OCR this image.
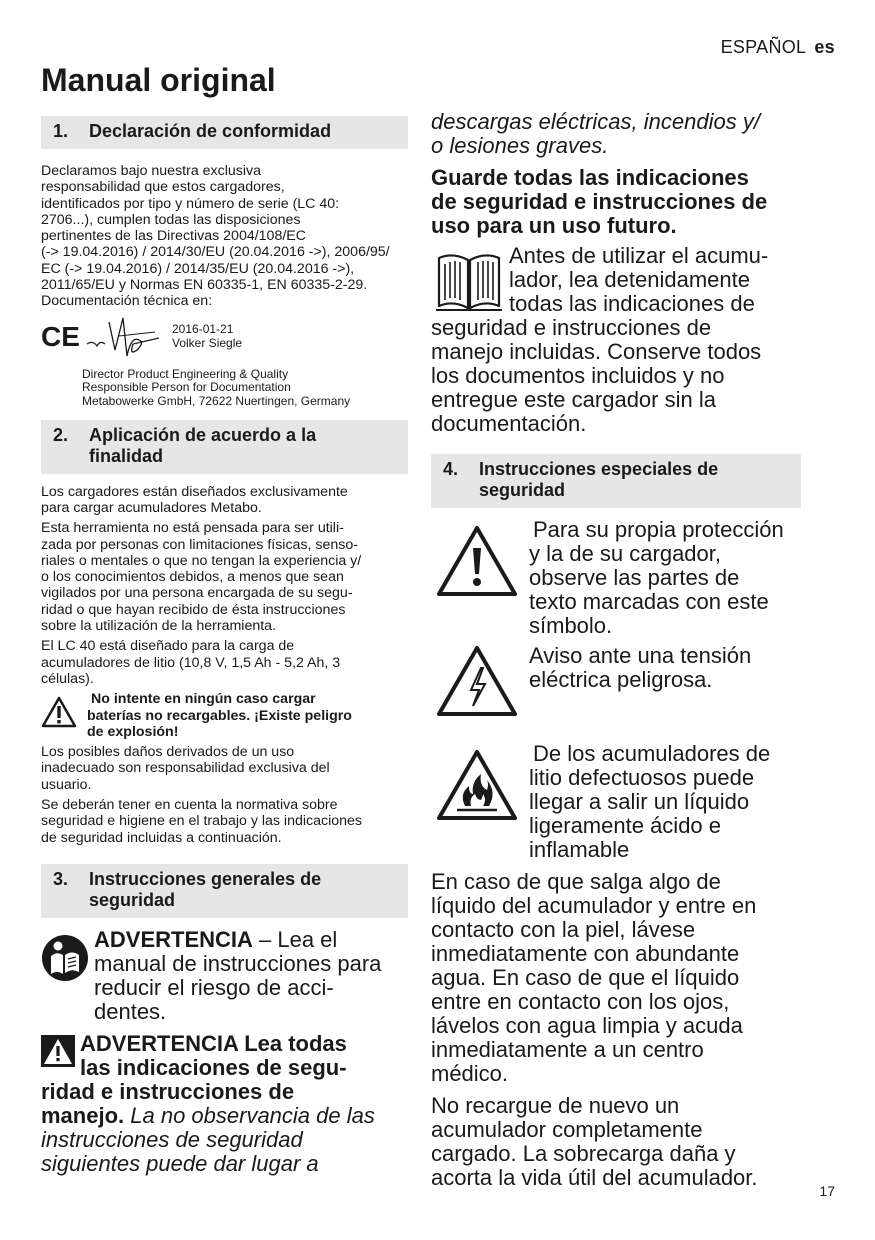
ESPAÑOL es
Manual original
1. Declaración de conformidad
Declaramos bajo nuestra exclusiva
responsabilidad que estos cargadores,
identificados por tipo y número de serie (LC 40:
2706...), cumplen todas las disposiciones
pertinentes de las Directivas 2004/108/EC
(-> 19.04.2016) / 2014/30/EU (20.04.2016 ->), 2006/95/
EC (-> 19.04.2016) / 2014/35/EU (20.04.2016 ->),
2011/65/EU y Normas EN 60335-1, EN 60335-2-29.
Documentación técnica en:
CE	2016-01-21
Volker Siegle
Director Product Engineering & Quality
Responsible Person for Documentation
Metabowerke GmbH, 72622 Nuertingen, Germany
2. Aplicación de acuerdo a la
finalidad
Los cargadores están diseñados exclusivamente
para cargar acumuladores Metabo.
Esta herramienta no está pensada para ser utili-
zada por personas con limitaciones físicas, senso-
riales o mentales o que no tengan la experiencia y/
o los conocimientos debidos, a menos que sean
vigilados por una persona encargada de su segu-
ridad o que hayan recibido de ésta instrucciones
sobre la utilización de la herramienta.
El LC 40 está diseñado para la carga de
acumuladores de litio (10,8 V, 1,5 Ah - 5,2 Ah, 3
células).
No intente en ningún caso cargar
baterías no recargables. ¡Existe peligro
de explosión!
Los posibles daños derivados de un uso
inadecuado son responsabilidad exclusiva del
usuario.
Se deberán tener en cuenta la normativa sobre
seguridad e higiene en el trabajo y las indicaciones
de seguridad incluidas a continuación.
3. Instrucciones generales de
seguridad
ADVERTENCIA – Lea el
manual de instrucciones para
reducir el riesgo de acci-
dentes.
ADVERTENCIA Lea todas
las indicaciones de segu-
ridad e instrucciones de
manejo. La no observancia de las
instrucciones de seguridad
siguientes puede dar lugar a
descargas eléctricas, incendios y/
o lesiones graves.
Guarde todas las indicaciones
de seguridad e instrucciones de
uso para un uso futuro.
Antes de utilizar el acumu-
lador, lea detenidamente
todas las indicaciones de
seguridad e instrucciones de
manejo incluidas. Conserve todos
los documentos incluidos y no
entregue este cargador sin la
documentación.
4. Instrucciones especiales de
seguridad
Para su propia protección
y la de su cargador,
observe las partes de
texto marcadas con este
símbolo.
Aviso ante una tensión
eléctrica peligrosa.
De los acumuladores de
litio defectuosos puede
llegar a salir un líquido
ligeramente ácido e
inflamable
En caso de que salga algo de
líquido del acumulador y entre en
contacto con la piel, lávese
inmediatamente con abundante
agua. En caso de que el líquido
entre en contacto con los ojos,
lávelos con agua limpia y acuda
inmediatamente a un centro
médico.
No recargue de nuevo un
acumulador completamente
cargado. La sobrecarga daña y
acorta la vida útil del acumulador.
17
